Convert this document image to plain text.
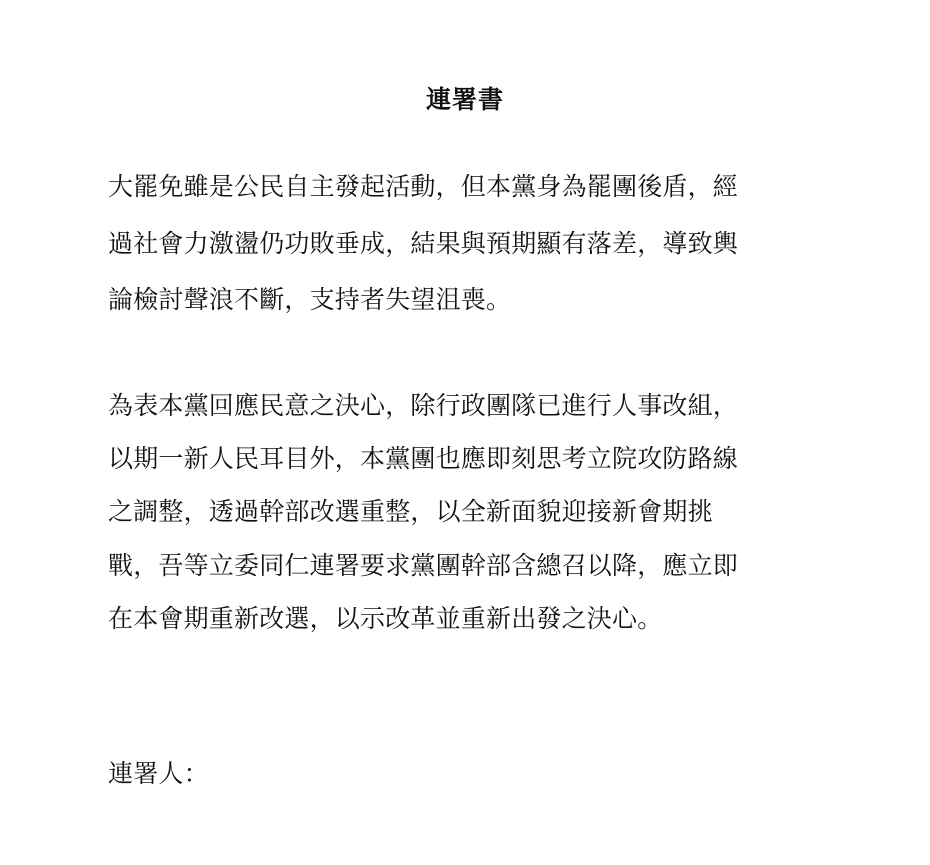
連署書

大罷免雖是公民自主發起活動，但本黨身為罷團後盾，經

過社會力激盪仍功敗垂成，結果與預期顯有落差，導致輿

論檢討聲浪不斷，支持者失望沮喪。

為表本黨回應民意之決心，除行政團隊已進行人事改組，

以期一新人民耳目外，本黨團也應即刻思考立院攻防路線

之調整，透過幹部改選重整，以全新面貌迎接新會期挑

戰，吾等立委同仁連署要求黨團幹部含總召以降，應立即

在本會期重新改選，以示改革並重新出發之決心。

連署人：
